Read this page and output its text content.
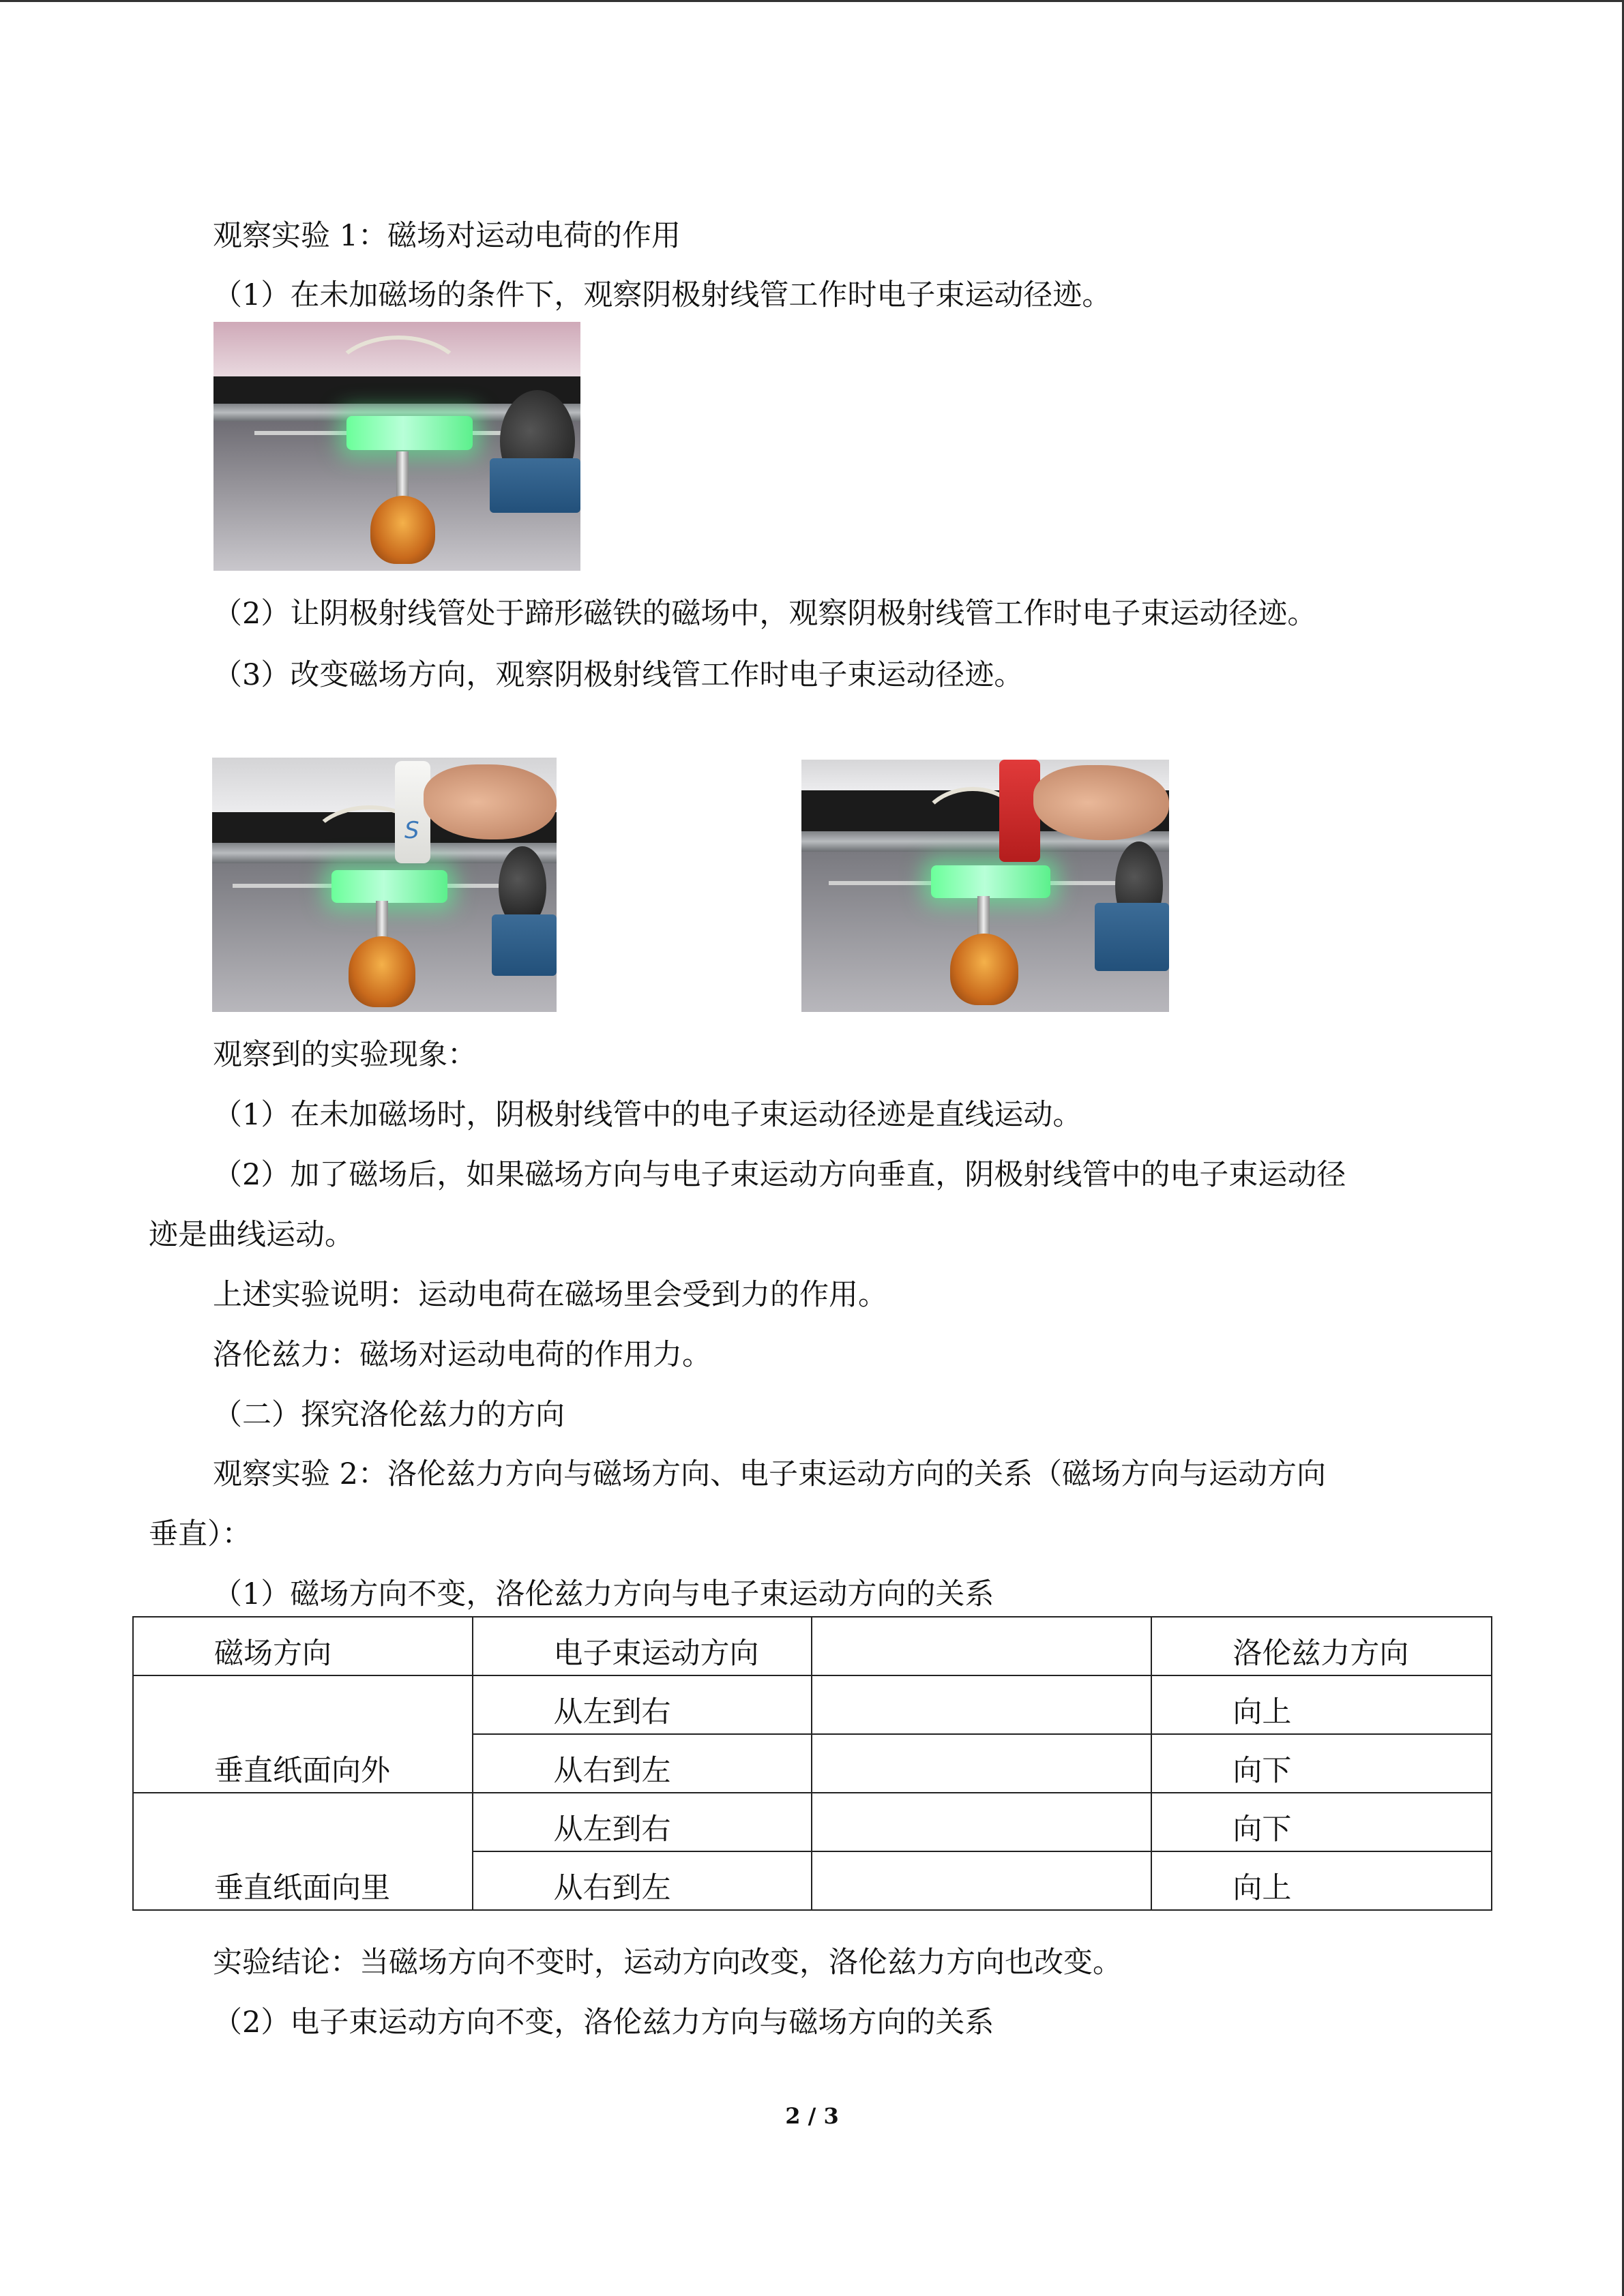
观察实验 1：磁场对运动电荷的作用
（1）在未加磁场的条件下，观察阴极射线管工作时电子束运动径迹。
（2）让阴极射线管处于蹄形磁铁的磁场中，观察阴极射线管工作时电子束运动径迹。
（3）改变磁场方向，观察阴极射线管工作时电子束运动径迹。
S
观察到的实验现象：
（1）在未加磁场时，阴极射线管中的电子束运动径迹是直线运动。
（2）加了磁场后，如果磁场方向与电子束运动方向垂直，阴极射线管中的电子束运动径
迹是曲线运动。
上述实验说明：运动电荷在磁场里会受到力的作用。
洛伦兹力：磁场对运动电荷的作用力。
（二）探究洛伦兹力的方向
观察实验 2：洛伦兹力方向与磁场方向、电子束运动方向的关系（磁场方向与运动方向
垂直）：
（1）磁场方向不变，洛伦兹力方向与电子束运动方向的关系
磁场方向	电子束运动方向		洛伦兹力方向

垂直纸面向外	从左到右		向上

	从右到左		向下

垂直纸面向里	从左到右		向下

	从右到左		向上
实验结论：当磁场方向不变时，运动方向改变，洛伦兹力方向也改变。
（2）电子束运动方向不变，洛伦兹力方向与磁场方向的关系
2 / 3
